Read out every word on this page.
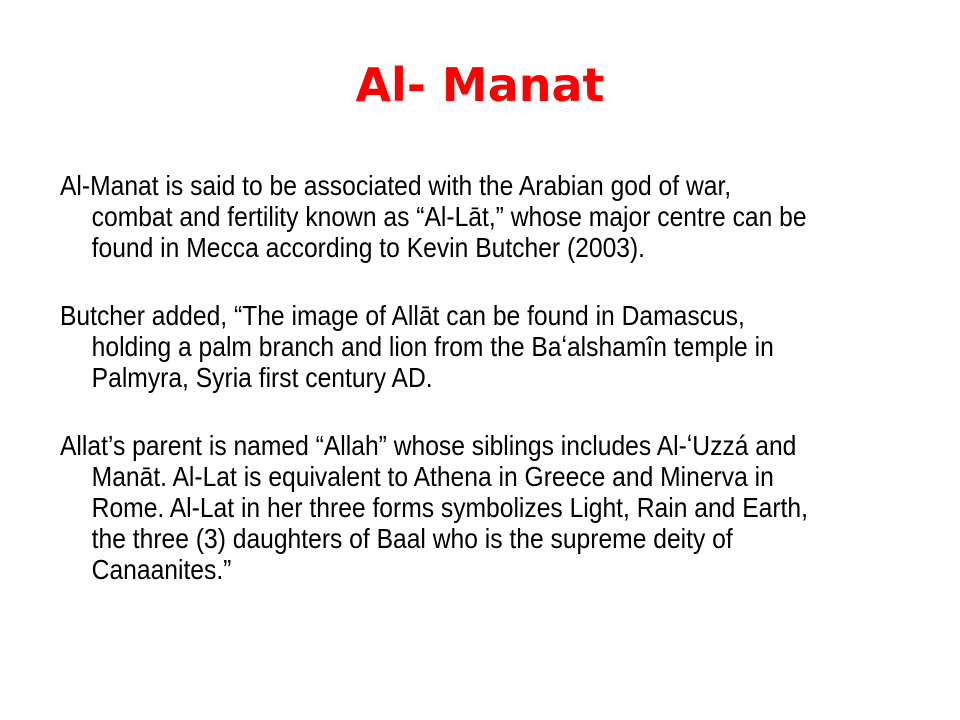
Al- Manat

Al-Manat is said to be associated with the Arabian god of war, combat and fertility known as “Al-Lāt,” whose major centre can be found in Mecca according to Kevin Butcher (2003).

Butcher added, “The image of Allāt can be found in Damascus, holding a palm branch and lion from the Baʻalshamîn temple in Palmyra, Syria first century AD.

Allat’s parent is named “Allah” whose siblings includes Al-ʻUzzá and Manāt. Al-Lat is equivalent to Athena in Greece and Minerva in Rome. Al-Lat in her three forms symbolizes Light, Rain and Earth, the three (3) daughters of Baal who is the supreme deity of Canaanites.”
